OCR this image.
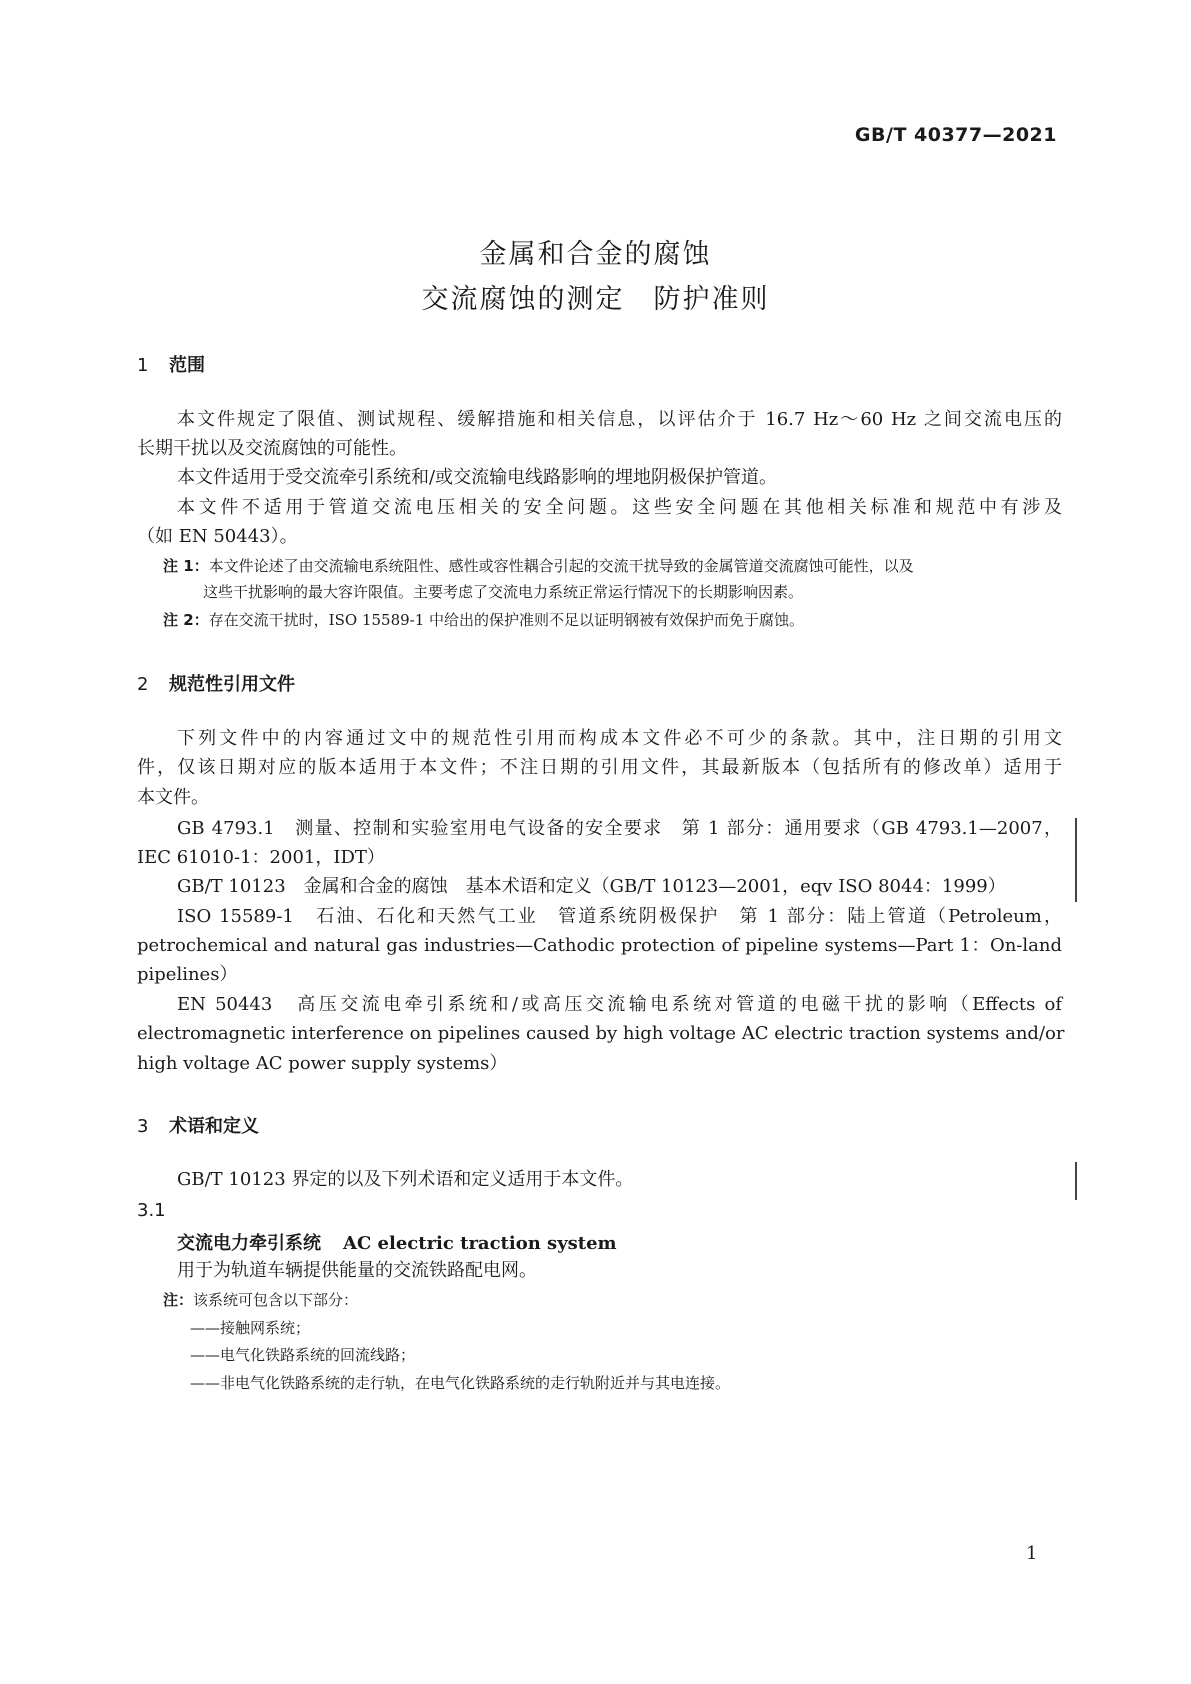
GB/T 40377—2021
金属和合金的腐蚀
交流腐蚀的测定　防护准则
1 范围
本文件规定了限值、测试规程、缓解措施和相关信息，以评估介于 16.7 Hz～60 Hz 之间交流电压的
长期干扰以及交流腐蚀的可能性。
本文件适用于受交流牵引系统和/或交流输电线路影响的埋地阴极保护管道。
本文件不适用于管道交流电压相关的安全问题。这些安全问题在其他相关标准和规范中有涉及
（如 EN 50443）。
注 1：本文件论述了由交流输电系统阻性、感性或容性耦合引起的交流干扰导致的金属管道交流腐蚀可能性，以及
这些干扰影响的最大容许限值。主要考虑了交流电力系统正常运行情况下的长期影响因素。
注 2：存在交流干扰时，ISO 15589-1 中给出的保护准则不足以证明钢被有效保护而免于腐蚀。
2 规范性引用文件
下列文件中的内容通过文中的规范性引用而构成本文件必不可少的条款。其中，注日期的引用文
件，仅该日期对应的版本适用于本文件；不注日期的引用文件，其最新版本（包括所有的修改单）适用于
本文件。
GB 4793.1　测量、控制和实验室用电气设备的安全要求　第 1 部分：通用要求（GB 4793.1—2007，
IEC 61010-1：2001，IDT）
GB/T 10123　金属和合金的腐蚀　基本术语和定义（GB/T 10123—2001，eqv ISO 8044：1999）
ISO 15589-1　石油、石化和天然气工业　管道系统阴极保护　第 1 部分：陆上管道（Petroleum，
petrochemical and natural gas industries—Cathodic protection of pipeline systems—Part 1：On-land
pipelines）
EN 50443　高压交流电牵引系统和/或高压交流输电系统对管道的电磁干扰的影响（Effects of
electromagnetic interference on pipelines caused by high voltage AC electric traction systems and/or
high voltage AC power supply systems）
3 术语和定义
GB/T 10123 界定的以及下列术语和定义适用于本文件。
3.1
交流电力牵引系统 AC electric traction system
用于为轨道车辆提供能量的交流铁路配电网。
注：该系统可包含以下部分：
——接触网系统；
——电气化铁路系统的回流线路；
——非电气化铁路系统的走行轨，在电气化铁路系统的走行轨附近并与其电连接。
1
